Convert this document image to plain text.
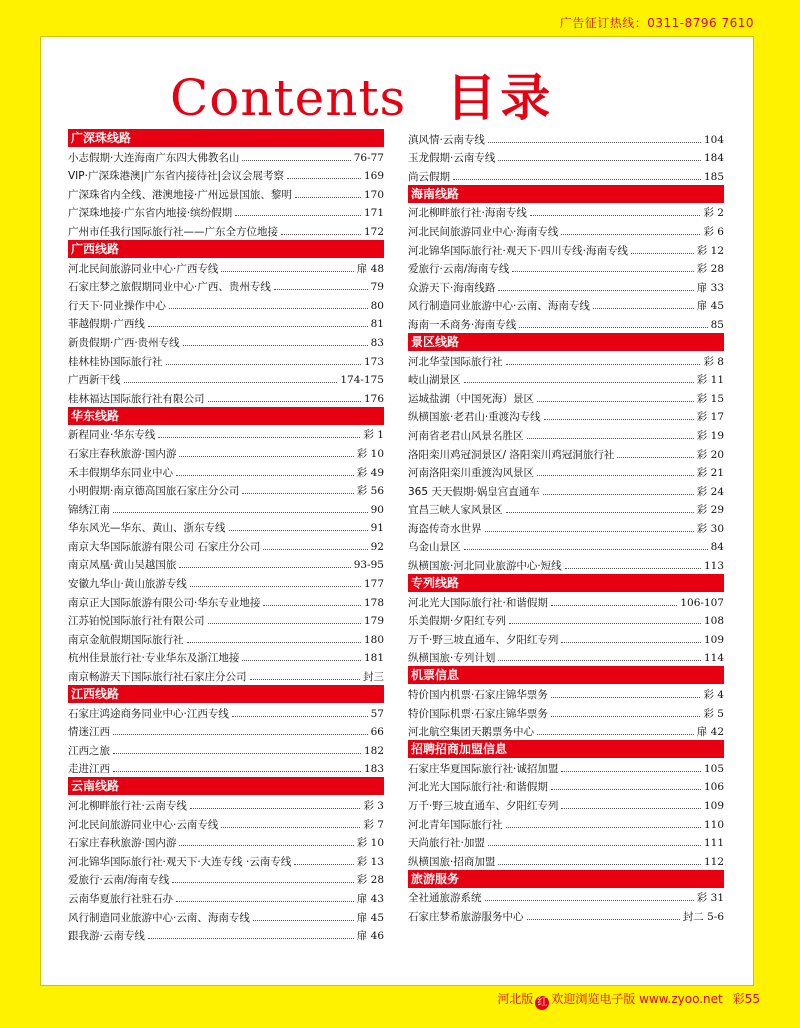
广告征订热线：0311-8796 7610
Contents 目录
广深珠线路
小志假期·大连海南广东四大佛教名山	76-77
VIP·广深珠港澳|广东省内接待社|会议会展考察	169
广深珠省内全线、港澳地接·广州远景国旅、黎明	170
广深珠地接·广东省内地接·缤纷假期	171
广州市任我行国际旅行社——广东全方位地接	172
广西线路
河北民间旅游同业中心·广西专线	扉 48
石家庄梦之旅假期同业中心·广西、贵州专线	79
行天下·同业操作中心	80
菲越假期·广西线	81
新贵假期·广西·贵州专线	83
桂林桂协国际旅行社	173
广西新干线	174-175
桂林福达国际旅行社有限公司	176
华东线路
新程同业·华东专线	彩 1
石家庄春秋旅游·国内游	彩 10
禾丰假期华东同业中心	彩 49
小明假期·南京德高国旅石家庄分公司	彩 56
锦绣江南	90
华东风光—华东、黄山、浙东专线	91
南京大华国际旅游有限公司 石家庄分公司	92
南京凤凰·黄山吴越国旅	93-95
安徽九华山·黄山旅游专线	177
南京正大国际旅游有限公司·华东专业地接	178
江苏铂悦国际旅行社有限公司	179
南京金航假期国际旅行社	180
杭州佳景旅行社·专业华东及浙江地接	181
南京畅游天下国际旅行社石家庄分公司	封三
江西线路
石家庄鸿途商务同业中心·江西专线	57
情迷江西	66
江西之旅	182
走进江西	183
云南线路
河北柳畔旅行社·云南专线	彩 3
河北民间旅游同业中心·云南专线	彩 7
石家庄春秋旅游·国内游	彩 10
河北锦华国际旅行社·观天下·大连专线 ·云南专线	彩 13
爱旅行·云南/海南专线	彩 28
云南华夏旅行社驻石办	扉 43
风行制造同业旅游中心·云南、海南专线	扉 45
跟我游·云南专线	扉 46
滇风情·云南专线	104
玉龙假期·云南专线	184
尚云假期	185
海南线路
河北柳畔旅行社·海南专线	彩 2
河北民间旅游同业中心·海南专线	彩 6
河北锦华国际旅行社·观天下·四川专线·海南专线	彩 12
爱旅行·云南/海南专线	彩 28
众游天下·海南线路	扉 33
风行制造同业旅游中心·云南、海南专线	扉 45
海南一禾商务·海南专线	85
景区线路
河北华莹国际旅行社	彩 8
岐山湖景区	彩 11
运城盐湖（中国死海）景区	彩 15
纵横国旅·老君山·重渡沟专线	彩 17
河南省老君山风景名胜区	彩 19
洛阳栾川鸡冠洞景区/ 洛阳栾川鸡冠洞旅行社	彩 20
河南洛阳栾川重渡沟风景区	彩 21
365 天天假期·娲皇宫直通车	彩 24
宜昌三峡人家风景区	彩 29
海盗传奇水世界	彩 30
乌金山景区	84
纵横国旅·河北同业旅游中心·短线	113
专列线路
河北光大国际旅行社·和谐假期	106-107
乐美假期·夕阳红专列	108
万千·野三坡直通车、夕阳红专列	109
纵横国旅·专列计划	114
机票信息
特价国内机票·石家庄锦华票务	彩 4
特价国际机票·石家庄锦华票务	彩 5
河北航空集团天鹅票务中心	扉 42
招聘招商加盟信息
石家庄华夏国际旅行社·诚招加盟	105
河北光大国际旅行社·和谐假期	106
万千·野三坡直通车、夕阳红专列	109
河北青年国际旅行社	110
天尚旅行社·加盟	111
纵横国旅·招商加盟	112
旅游服务
全社通旅游系统	彩 31
石家庄梦希旅游服务中心	封二 5-6
河北版 红 欢迎浏览电子版 www.zyoo.net 彩55
